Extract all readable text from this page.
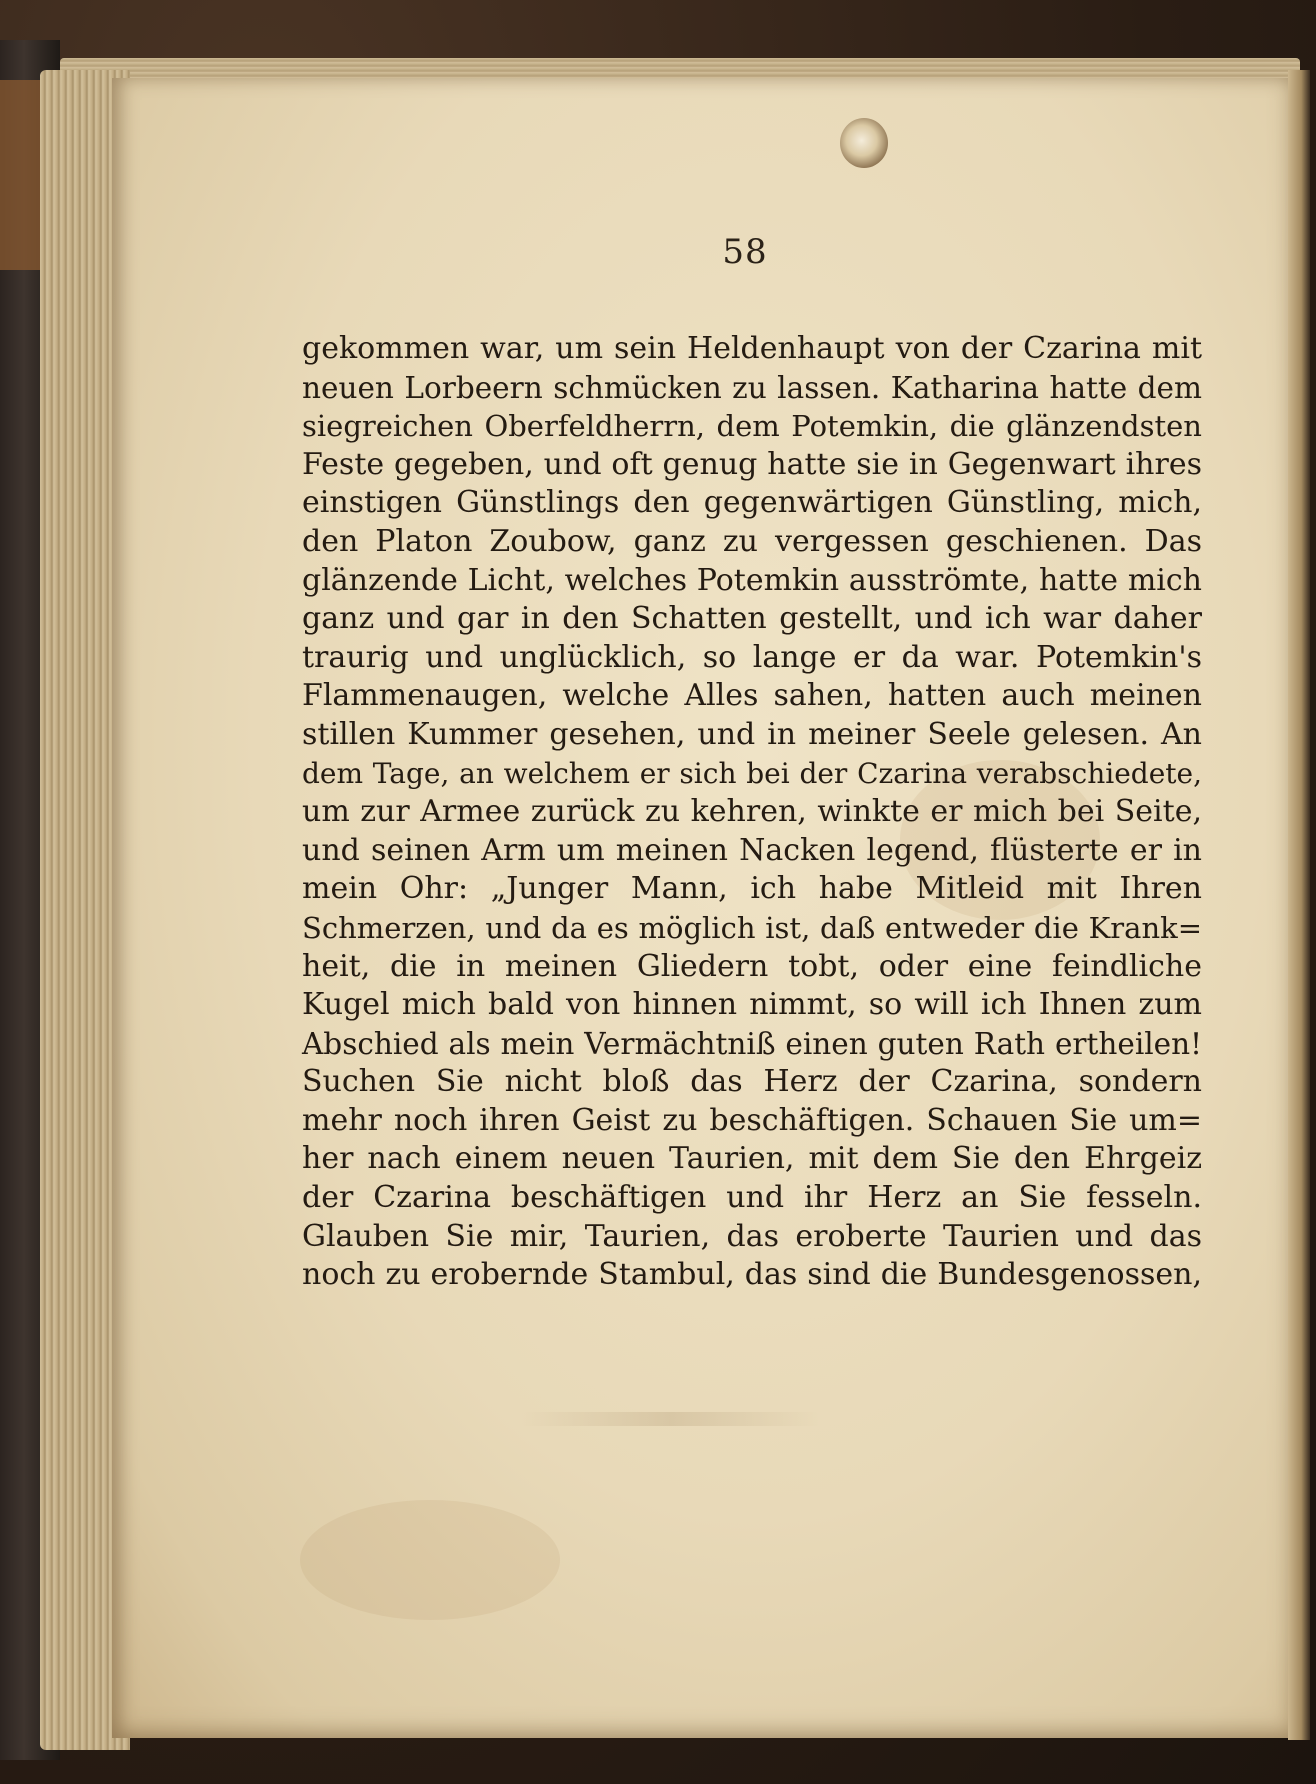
58
gekommen war, um sein Heldenhaupt von der Czarina mit
neuen Lorbeern schmücken zu lassen. Katharina hatte dem
siegreichen Oberfeldherrn, dem Potemkin, die glänzendsten
Feste gegeben, und oft genug hatte sie in Gegenwart ihres
einstigen Günstlings den gegenwärtigen Günstling, mich,
den Platon Zoubow, ganz zu vergessen geschienen. Das
glänzende Licht, welches Potemkin ausströmte, hatte mich
ganz und gar in den Schatten gestellt, und ich war daher
traurig und unglücklich, so lange er da war. Potemkin's
Flammenaugen, welche Alles sahen, hatten auch meinen
stillen Kummer gesehen, und in meiner Seele gelesen. An
dem Tage, an welchem er sich bei der Czarina verabschiedete,
um zur Armee zurück zu kehren, winkte er mich bei Seite,
und seinen Arm um meinen Nacken legend, flüsterte er in
mein Ohr: „Junger Mann, ich habe Mitleid mit Ihren
Schmerzen, und da es möglich ist, daß entweder die Krank=
heit, die in meinen Gliedern tobt, oder eine feindliche
Kugel mich bald von hinnen nimmt, so will ich Ihnen zum
Abschied als mein Vermächtniß einen guten Rath ertheilen!
Suchen Sie nicht bloß das Herz der Czarina, sondern
mehr noch ihren Geist zu beschäftigen. Schauen Sie um=
her nach einem neuen Taurien, mit dem Sie den Ehrgeiz
der Czarina beschäftigen und ihr Herz an Sie fesseln.
Glauben Sie mir, Taurien, das eroberte Taurien und das
noch zu erobernde Stambul, das sind die Bundesgenossen,
